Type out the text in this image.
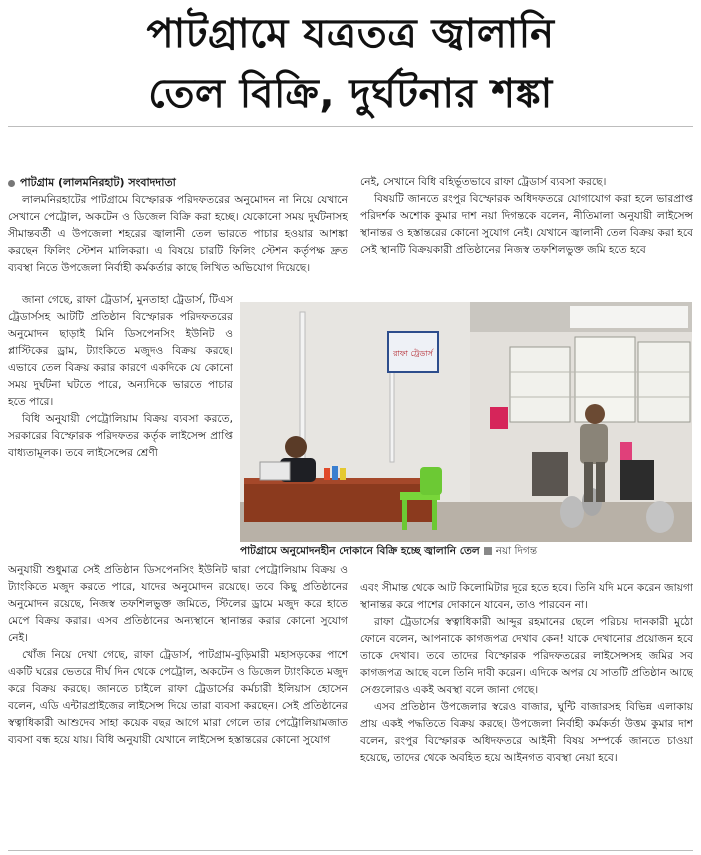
পাটগ্রামে যত্রতত্র জ্বালানি
তেল বিক্রি, দুর্ঘটনার শঙ্কা

পাটগ্রাম (লালমনিরহাট) সংবাদদাতা

লালমনিরহাটের পাটগ্রামে বিস্ফোরক পরিদফতরের অনুমোদন না নিয়ে যেখানে সেখানে পেট্রোল, অকটেন ও ডিজেল বিক্রি করা হচ্ছে। যেকোনো সময় দুর্ঘটনাসহ সীমান্তবর্তী এ উপজেলা শহরের জ্বালানী তেল ভারতে পাচার হওয়ার আশঙ্কা করছেন ফিলিং স্টেশন মালিকরা। এ বিষয়ে চারটি ফিলিং স্টেশন কর্তৃপক্ষ দ্রুত ব্যবস্থা নিতে উপজেলা নির্বাহী কর্মকর্তার কাছে লিখিত অভিযোগ দিয়েছে।

জানা গেছে, রাফা ট্রেডার্স, মুনতাহা ট্রেডার্স, টিএস ট্রেডার্সসহ আটটি প্রতিষ্ঠান বিস্ফোরক পরিদফতরের অনুমোদন ছাড়াই মিনি ডিসপেনসিং ইউনিট ও প্লাস্টিকের ড্রাম, ট্যাংকিতে মজুদও বিক্রয় করছে। এভাবে তেল বিক্রয় করার কারণে একদিকে যে কোনো সময় দুর্ঘটনা ঘটতে পারে, অন্যদিকে ভারতে পাচার হতে পারে।

বিধি অনুযায়ী পেট্রোলিয়াম বিক্রয় ব্যবসা করতে, সরকারের বিস্ফোরক পরিদফতর কর্তৃক লাইসেন্স প্রাপ্তি বাধ্যতামূলক। তবে লাইসেন্সের শ্রেণী

অনুযায়ী শুধুমাত্র সেই প্রতিষ্ঠান ডিসপেনসিং ইউনিট দ্বারা পেট্রোলিয়াম বিক্রয় ও ট্যাংকিতে মজুদ করতে পারে, যাদের অনুমোদন রয়েছে। তবে কিছু প্রতিষ্ঠানের অনুমোদন রয়েছে, নিজস্ব তফশিলভুক্ত জমিতে, স্টিলের ড্রামে মজুদ করে হাতে মেপে বিক্রয় করার। এসব প্রতিষ্ঠানের অন্যস্থানে স্থানান্তর করার কোনো সুযোগ নেই।

খোঁজ নিয়ে দেখা গেছে, রাফা ট্রেডার্স, পাটগ্রাম-বুড়িমারী মহাসড়কের পাশে একটি ঘরের ভেতরে দীর্ঘ দিন থেকে পেট্রোল, অকটেন ও ডিজেল ট্যাংকিতে মজুদ করে বিক্রয় করছে। জানতে চাইলে রাফা ট্রেডার্সের কর্মচারী ইলিয়াস হোসেন বলেন, এডি এন্টারপ্রাইজের লাইসেন্স দিয়ে তারা ব্যবসা করছেন। সেই প্রতিষ্ঠানের স্বত্বাধিকারী আশুদেব সাহা কয়েক বছর আগে মারা গেলে তার পেট্রোলিয়ামজাত ব্যবসা বন্ধ হয়ে যায়। বিধি অনুযায়ী যেখানে লাইসেন্স হস্তান্তরের কোনো সুযোগ

নেই, সেখানে বিধি বহির্ভূতভাবে রাফা ট্রেডার্স ব্যবসা করছে।

বিষয়টি জানতে রংপুর বিস্ফোরক অধিদফতরে যোগাযোগ করা হলে ভারপ্রাপ্ত পরিদর্শক অশোক কুমার দাশ নয়া দিগন্তকে বলেন, নীতিমালা অনুযায়ী লাইসেন্স স্থানান্তর ও হস্তান্তরের কোনো সুযোগ নেই। যেখানে জ্বালানী তেল বিক্রয় করা হবে সেই স্থানটি বিক্রয়কারী প্রতিষ্ঠানের নিজস্ব তফশিলভুক্ত জমি হতে হবে

এবং সীমান্ত থেকে আট কিলোমিটার দূরে হতে হবে। তিনি যদি মনে করেন জায়গা স্থানান্তর করে পাশের দোকানে যাবেন, তাও পারবেন না।

রাফা ট্রেডার্সের স্বত্বাধিকারী আব্দুর রহমানের ছেলে পরিচয় দানকারী মুঠো ফোনে বলেন, আপনাকে কাগজপত্র দেখাব কেন! যাকে দেখানোর প্রয়োজন হবে তাকে দেখাব। তবে তাদের বিস্ফোরক পরিদফতরের লাইসেন্সসহ জমির সব কাগজপত্র আছে বলে তিনি দাবী করেন। এদিকে অপর যে সাতটি প্রতিষ্ঠান আছে সেগুলোরও একই অবস্থা বলে জানা গেছে।

এসব প্রতিষ্ঠান উপজেলার স্বরেও বাজার, ঘুন্টি বাজারসহ বিভিন্ন এলাকায় প্রায় একই পদ্ধতিতে বিক্রয় করছে। উপজেলা নির্বাহী কর্মকর্তা উত্তম কুমার দাশ বলেন, রংপুর বিস্ফোরক অধিদফতরে আইনী বিষয় সম্পর্কে জানতে চাওয়া হয়েছে, তাদের থেকে অবহিত হয়ে আইনগত ব্যবস্থা নেয়া হবে।

রাফা ট্রেডার্স
পাটগ্রামে অনুমোদনহীন দোকানে বিক্রি হচ্ছে জ্বালানি তেল নয়া দিগন্ত
